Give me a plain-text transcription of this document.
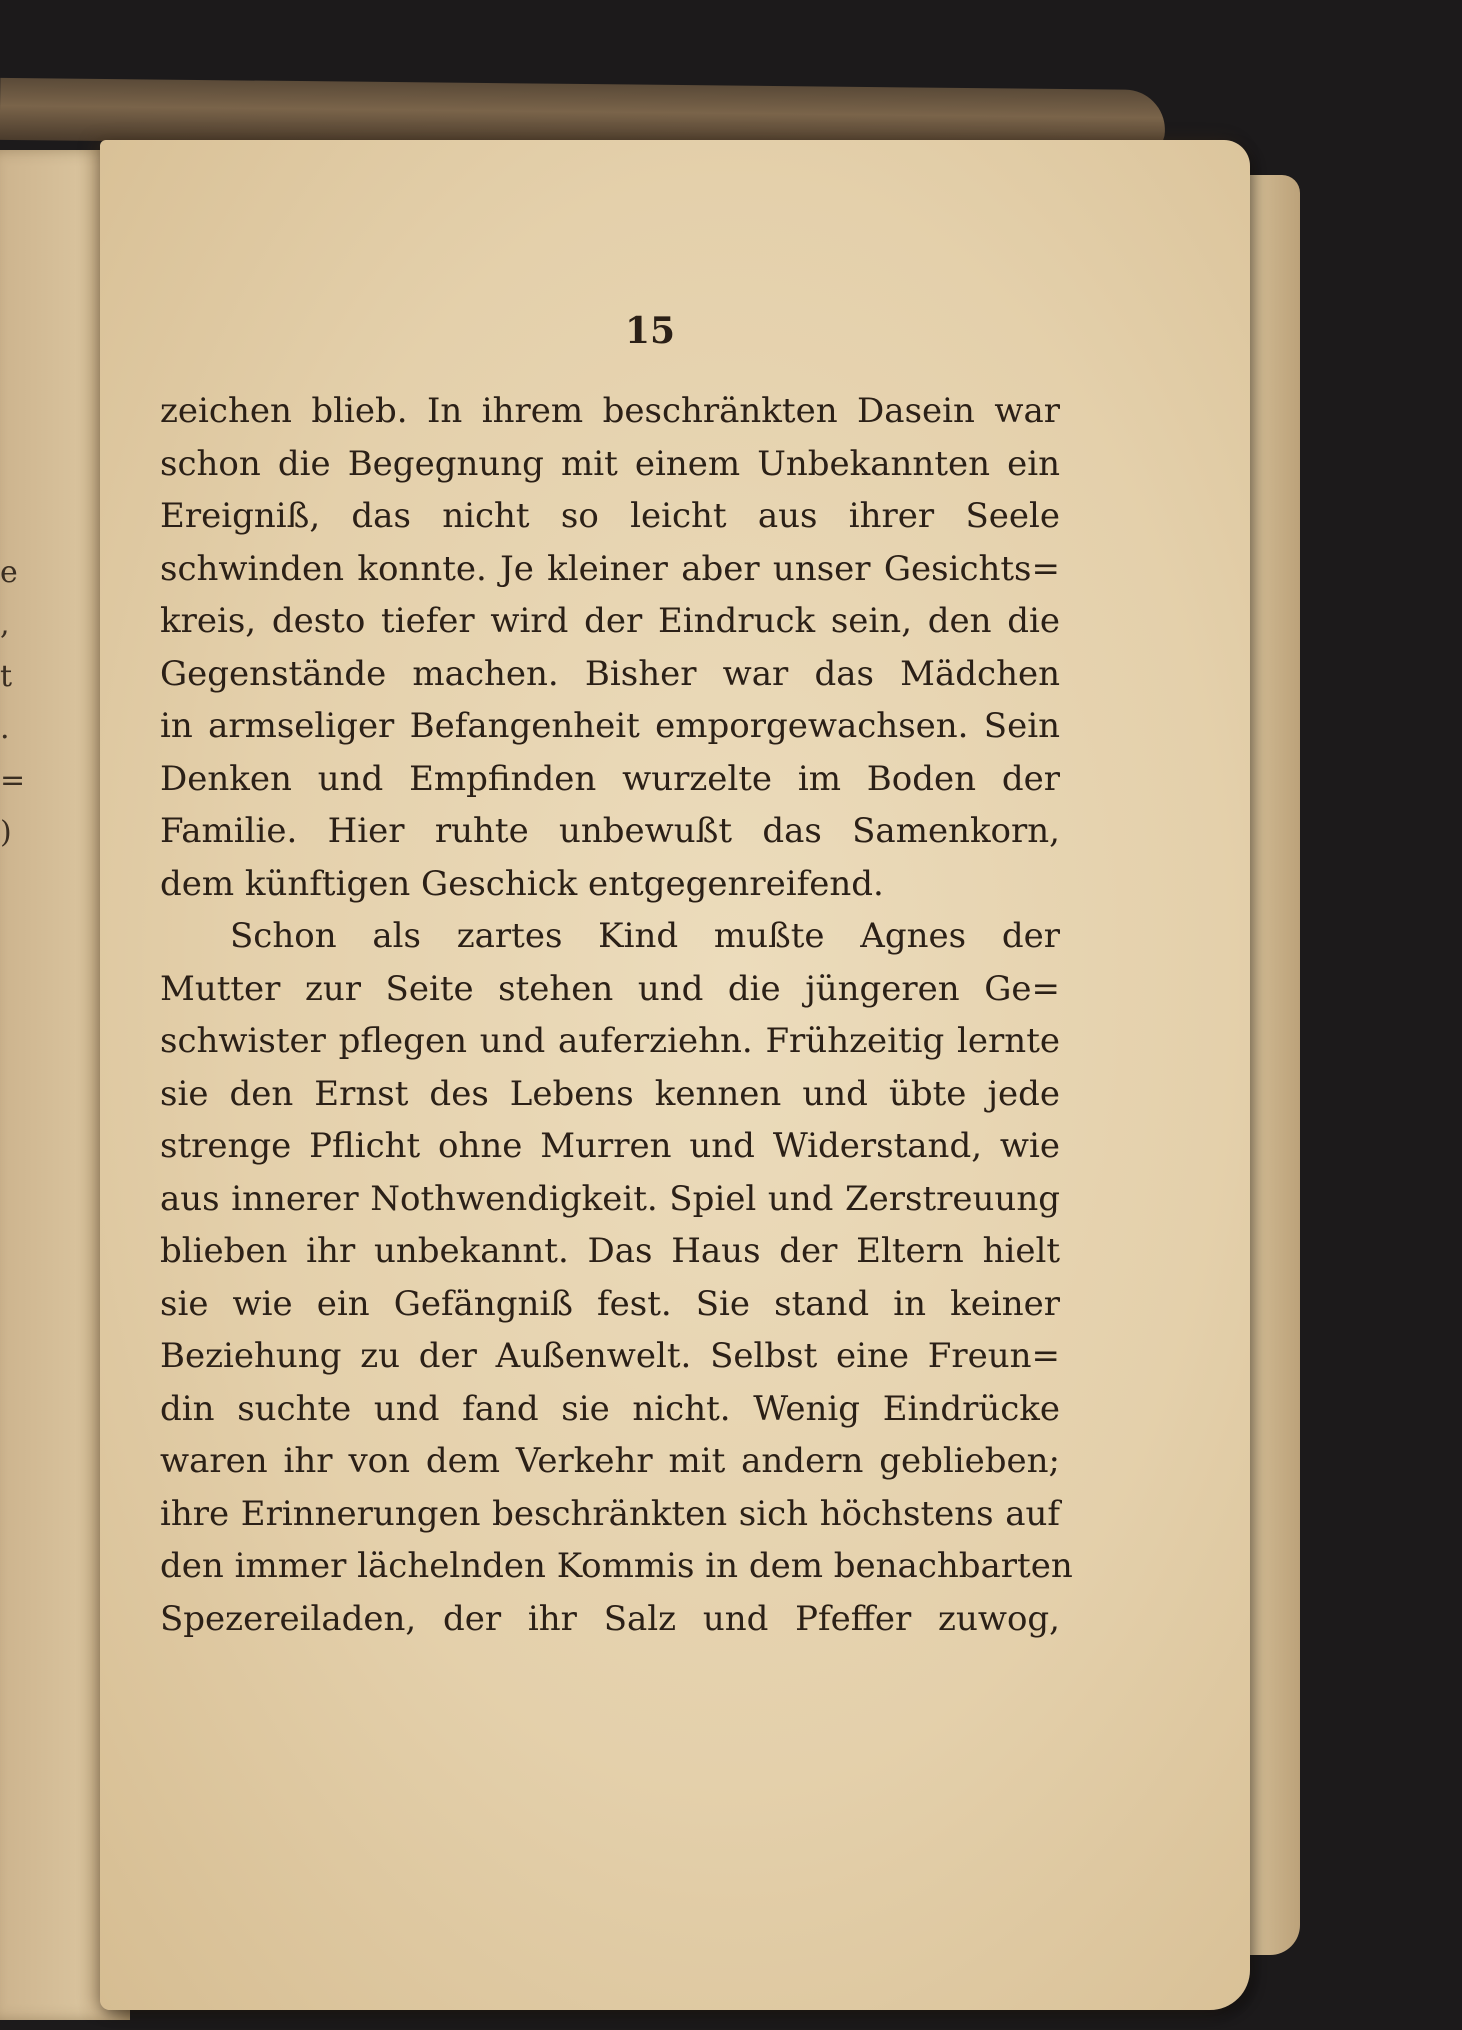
e
,
t
.
=
)
15
zeichen blieb. In ihrem beschränkten Dasein war
schon die Begegnung mit einem Unbekannten ein
Ereigniß, das nicht so leicht aus ihrer Seele
schwinden konnte. Je kleiner aber unser Gesichts=
kreis, desto tiefer wird der Eindruck sein, den die
Gegenstände machen. Bisher war das Mädchen
in armseliger Befangenheit emporgewachsen. Sein
Denken und Empfinden wurzelte im Boden der
Familie. Hier ruhte unbewußt das Samenkorn,
dem künftigen Geschick entgegenreifend.
Schon als zartes Kind mußte Agnes der
Mutter zur Seite stehen und die jüngeren Ge=
schwister pflegen und auferziehn. Frühzeitig lernte
sie den Ernst des Lebens kennen und übte jede
strenge Pflicht ohne Murren und Widerstand, wie
aus innerer Nothwendigkeit. Spiel und Zerstreuung
blieben ihr unbekannt. Das Haus der Eltern hielt
sie wie ein Gefängniß fest. Sie stand in keiner
Beziehung zu der Außenwelt. Selbst eine Freun=
din suchte und fand sie nicht. Wenig Eindrücke
waren ihr von dem Verkehr mit andern geblieben;
ihre Erinnerungen beschränkten sich höchstens auf
den immer lächelnden Kommis in dem benachbarten
Spezereiladen, der ihr Salz und Pfeffer zuwog,
